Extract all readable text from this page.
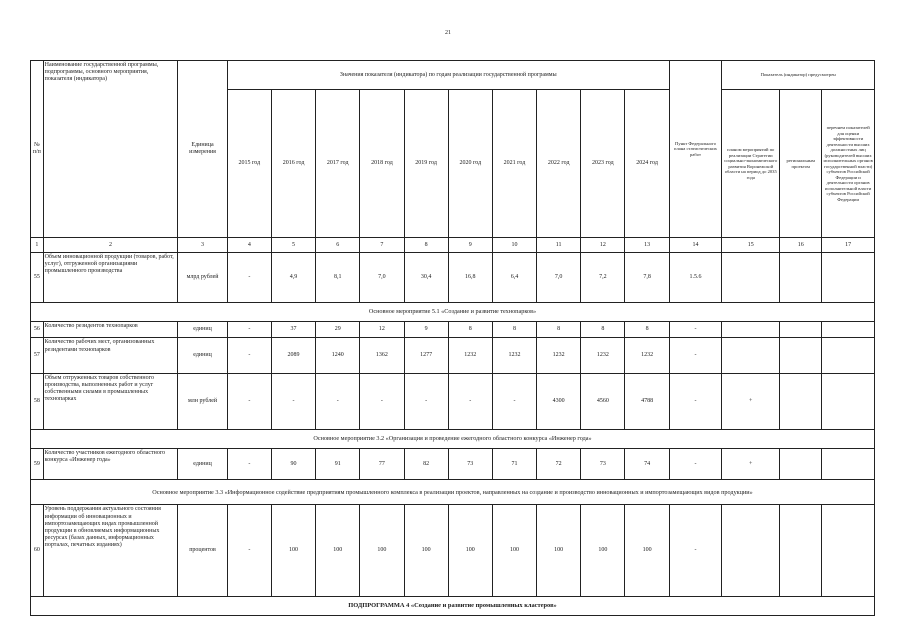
21
№ п/п	Наименование государственной программы, подпрограммы, основного мероприятия, показателя (индикатора)	Единица измерения	Значения показателя (индикатора) по годам реализации государственной программы										Пункт Федерального плана статистических работ	Показатель (индикатор) предусмотрен		
			2015 год	2016 год	2017 год	2018 год	2019 год	2020 год	2021 год	2022 год	2023 год	2024 год		планом мероприятий по реализации Стратегии социально-экономического развития Воронежской области на период до 2035 года	региональным проектом	перечнем показателей для оценки эффективности деятельности высших должностных лиц (руководителей высших исполнительных органов государственной власти) субъектов Российской Федерации и деятельности органов исполнительной власти субъектов Российской Федерации
1	2	3	4	5	6	7	8	9	10	11	12	13	14	15	16	17
55	Объем инновационной продукции (товаров, работ, услуг), отгруженной организациями промышленного производства	млрд рублей	-	4,9	8,1	7,0	30,4	16,8	6,4	7,0	7,2	7,8	1.5.6			
Основное мероприятие 5.1 «Создание и развитие технопарков»																
56	Количество резидентов технопарков	единиц	-	37	29	12	9	8	8	8	8	8	-			
57	Количество рабочих мест, организованных резидентами технопарков	единиц	-	2089	1240	1362	1277	1232	1232	1232	1232	1232	-			
58	Объем отгруженных товаров собственного производства, выполненных работ и услуг собственными силами в промышленных технопарках	млн рублей	-	-	-	-	-	-	-	4300	4560	4788	-	+		
Основное мероприятие 3.2 «Организация и проведение ежегодного областного конкурса «Инженер года»																
59	Количество участников ежегодного областного конкурса «Инженер года»	единиц	-	90	91	77	82	73	71	72	73	74	-	+		
Основное мероприятие 3.3 «Информационное содействие предприятиям промышленного комплекса в реализации проектов, направленных на создание и производство инновационных и импортозамещающих видов продукции»																
60	Уровень поддержания актуального состояния информации об инновационных и импортозамещающих видах промышленной продукции в обновляемых информационных ресурсах (базах данных, информационных порталах, печатных изданиях)	процентов	-	100	100	100	100	100	100	100	100	100	-			
ПОДПРОГРАММА 4 «Создание и развитие промышленных кластеров»																
